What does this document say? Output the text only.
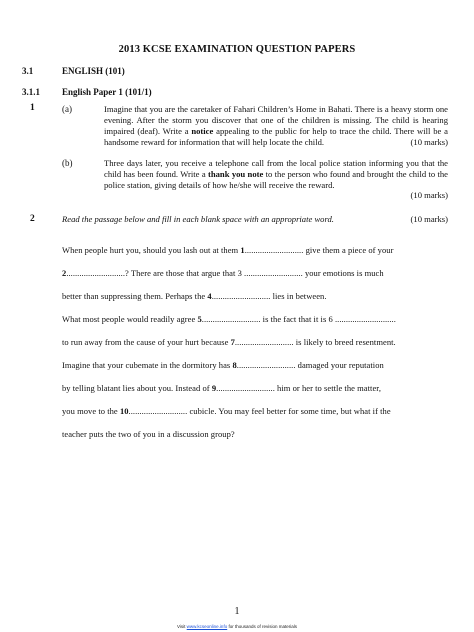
2013 KCSE EXAMINATION QUESTION PAPERS
3.1	ENGLISH (101)
3.1.1 English Paper 1 (101/1)
1	(a)	Imagine that you are the caretaker of Fahari Children’s Home in Bahati. There is a heavy storm one evening. After the storm you discover that one of the children is missing. The child is hearing impaired (deaf). Write a notice appealing to the public for help to trace the child. There will be a handsome reward for information that will help locate the child.	(10 marks)
(b)	Three days later, you receive a telephone call from the local police station informing you that the child has been found. Write a thank you note to the person who found and brought the child to the police station, giving details of how he/she will receive the reward.
(10 marks)
2	Read the passage below and fill in each blank space with an appropriate word.	(10 marks)
When people hurt you, should you lash out at them 1........................... give them a piece of your
2...........................? There are those that argue that 3 ........................... your emotions is much
better than suppressing them. Perhaps the 4........................... lies in between.
What most people would readily agree 5........................... is the fact that it is 6 ............................
to run away from the cause of your hurt because 7........................... is likely to breed resentment.
Imagine that your cubemate in the dormitory has 8........................... damaged your reputation
by telling blatant lies about you. Instead of 9........................... him or her to settle the matter,
you move to the 10........................... cubicle. You may feel better for some time, but what if the
teacher puts the two of you in a discussion group?
1
Visit www.kcseonline.info for thousands of revision materials
